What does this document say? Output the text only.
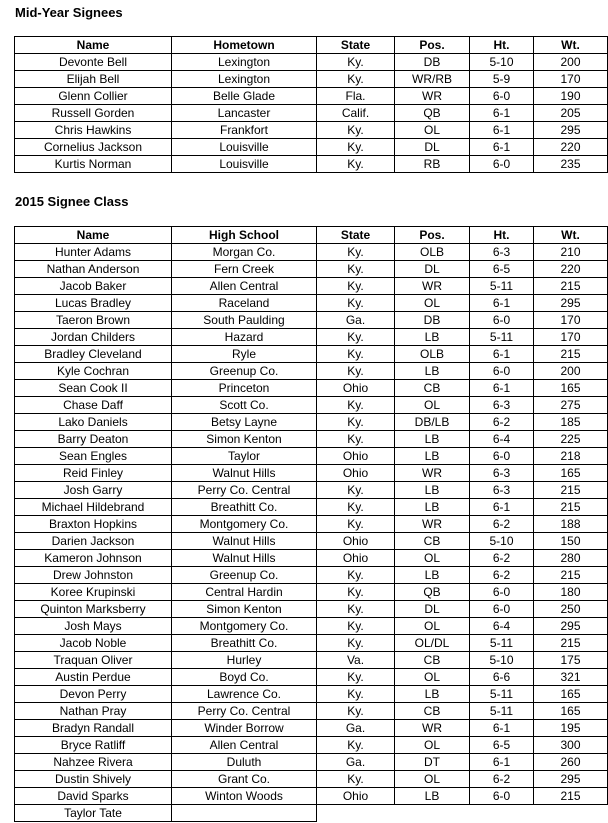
Mid-Year Signees
Name	Hometown	State	Pos.	Ht.	Wt.
Devonte Bell	Lexington	Ky.	DB	5-10	200
Elijah Bell	Lexington	Ky.	WR/RB	5-9	170
Glenn Collier	Belle Glade	Fla.	WR	6-0	190
Russell Gorden	Lancaster	Calif.	QB	6-1	205
Chris Hawkins	Frankfort	Ky.	OL	6-1	295
Cornelius Jackson	Louisville	Ky.	DL	6-1	220
Kurtis Norman	Louisville	Ky.	RB	6-0	235
2015 Signee Class
Name	High School	State	Pos.	Ht.	Wt.
Hunter Adams	Morgan Co.	Ky.	OLB	6-3	210
Nathan Anderson	Fern Creek	Ky.	DL	6-5	220
Jacob Baker	Allen Central	Ky.	WR	5-11	215
Lucas Bradley	Raceland	Ky.	OL	6-1	295
Taeron Brown	South Paulding	Ga.	DB	6-0	170
Jordan Childers	Hazard	Ky.	LB	5-11	170
Bradley Cleveland	Ryle	Ky.	OLB	6-1	215
Kyle Cochran	Greenup Co.	Ky.	LB	6-0	200
Sean Cook II	Princeton	Ohio	CB	6-1	165
Chase Daff	Scott Co.	Ky.	OL	6-3	275
Lako Daniels	Betsy Layne	Ky.	DB/LB	6-2	185
Barry Deaton	Simon Kenton	Ky.	LB	6-4	225
Sean Engles	Taylor	Ohio	LB	6-0	218
Reid Finley	Walnut Hills	Ohio	WR	6-3	165
Josh Garry	Perry Co. Central	Ky.	LB	6-3	215
Michael Hildebrand	Breathitt Co.	Ky.	LB	6-1	215
Braxton Hopkins	Montgomery Co.	Ky.	WR	6-2	188
Darien Jackson	Walnut Hills	Ohio	CB	5-10	150
Kameron Johnson	Walnut Hills	Ohio	OL	6-2	280
Drew Johnston	Greenup Co.	Ky.	LB	6-2	215
Koree Krupinski	Central Hardin	Ky.	QB	6-0	180
Quinton Marksberry	Simon Kenton	Ky.	DL	6-0	250
Josh Mays	Montgomery Co.	Ky.	OL	6-4	295
Jacob Noble	Breathitt Co.	Ky.	OL/DL	5-11	215
Traquan Oliver	Hurley	Va.	CB	5-10	175
Austin Perdue	Boyd Co.	Ky.	OL	6-6	321
Devon Perry	Lawrence Co.	Ky.	LB	5-11	165
Nathan Pray	Perry Co. Central	Ky.	CB	5-11	165
Bradyn Randall	Winder Borrow	Ga.	WR	6-1	195
Bryce Ratliff	Allen Central	Ky.	OL	6-5	300
Nahzee Rivera	Duluth	Ga.	DT	6-1	260
Dustin Shively	Grant Co.	Ky.	OL	6-2	295
David Sparks	Winton Woods	Ohio	LB	6-0	215
Taylor Tate					
